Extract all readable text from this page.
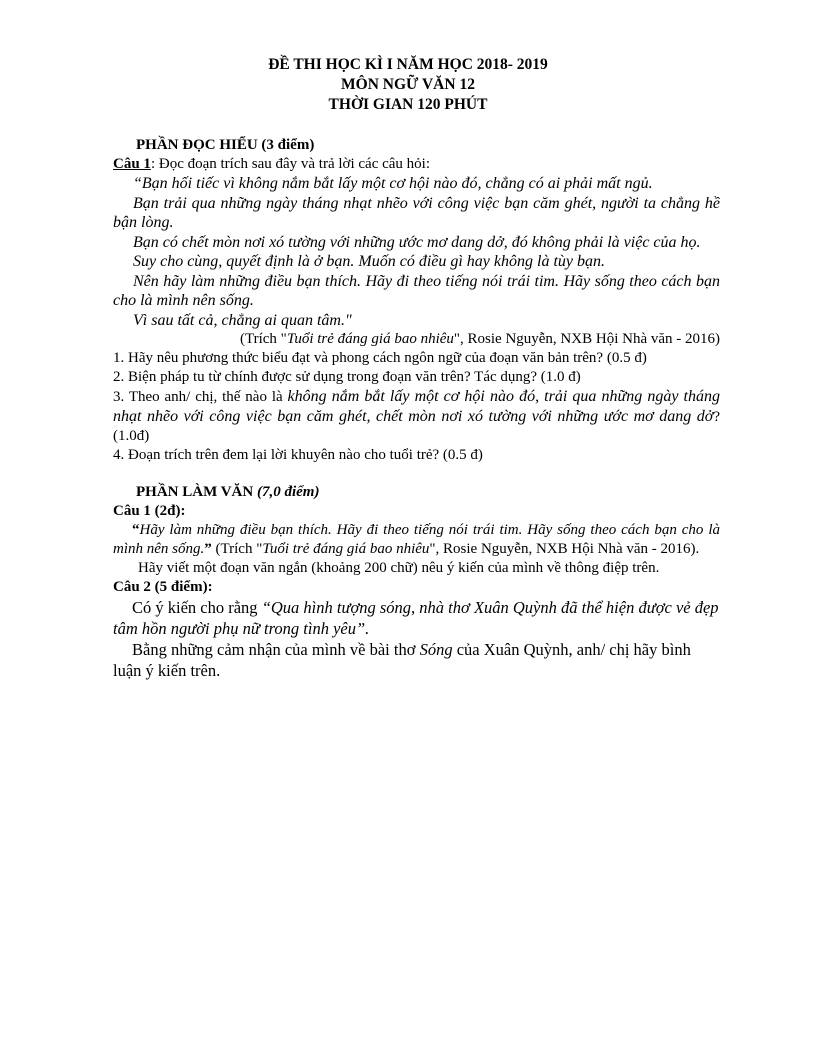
ĐỀ THI HỌC KÌ I NĂM HỌC 2018- 2019
MÔN NGỮ VĂN 12
THỜI GIAN 120 PHÚT

PHẦN ĐỌC HIỂU (3 điểm)

Câu 1: Đọc đoạn trích sau đây và trả lời các câu hỏi:

“Bạn hối tiếc vì không nắm bắt lấy một cơ hội nào đó, chẳng có ai phải mất ngủ.

Bạn trải qua những ngày tháng nhạt nhẽo với công việc bạn căm ghét, người ta chẳng hề bận lòng.

Bạn có chết mòn nơi xó tường với những ước mơ dang dở, đó không phải là việc của họ.

Suy cho cùng, quyết định là ở bạn. Muốn có điều gì hay không là tùy bạn.

Nên hãy làm những điều bạn thích. Hãy đi theo tiếng nói trái tim. Hãy sống theo cách bạn cho là mình nên sống.

Vì sau tất cả, chẳng ai quan tâm."

(Trích "Tuổi trẻ đáng giá bao nhiêu", Rosie Nguyễn, NXB Hội Nhà văn - 2016)

1. Hãy nêu phương thức biểu đạt và phong cách ngôn ngữ của đoạn văn bản trên? (0.5 đ)

2. Biện pháp tu từ chính được sử dụng trong đoạn văn trên? Tác dụng? (1.0 đ)

3. Theo anh/ chị, thế nào là không nắm bắt lấy một cơ hội nào đó, trải qua những ngày tháng nhạt nhẽo với công việc bạn căm ghét, chết mòn nơi xó tường với những ước mơ dang dở? (1.0đ)

4. Đoạn trích trên đem lại lời khuyên nào cho tuổi trẻ? (0.5 đ)

PHẦN LÀM VĂN (7,0 điểm)

Câu 1 (2đ):

“Hãy làm những điều bạn thích. Hãy đi theo tiếng nói trái tim. Hãy sống theo cách bạn cho là mình nên sống.” (Trích "Tuổi trẻ đáng giá bao nhiêu", Rosie Nguyễn, NXB Hội Nhà văn - 2016).

Hãy viết một đoạn văn ngắn (khoảng 200 chữ) nêu ý kiến của mình về thông điệp trên.

Câu 2 (5 điểm):

Có ý kiến cho rằng “Qua hình tượng sóng, nhà thơ Xuân Quỳnh đã thể hiện được vẻ đẹp tâm hồn người phụ nữ trong tình yêu”.

Bằng những cảm nhận của mình về bài thơ Sóng của Xuân Quỳnh, anh/ chị hãy bình luận ý kiến trên.
